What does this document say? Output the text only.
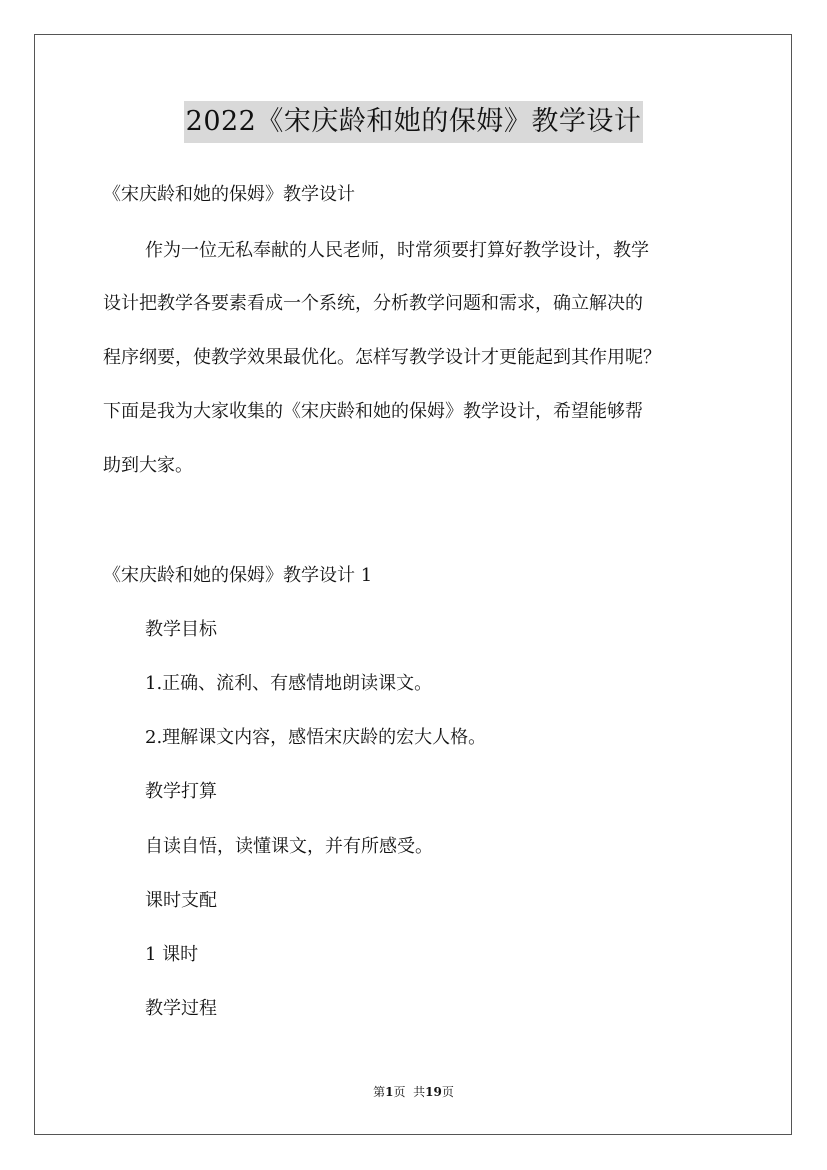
2022《宋庆龄和她的保姆》教学设计
《宋庆龄和她的保姆》教学设计
作为一位无私奉献的人民老师，时常须要打算好教学设计，教学
设计把教学各要素看成一个系统，分析教学问题和需求，确立解决的
程序纲要，使教学效果最优化。怎样写教学设计才更能起到其作用呢？
下面是我为大家收集的《宋庆龄和她的保姆》教学设计，希望能够帮
助到大家。
《宋庆龄和她的保姆》教学设计 1
教学目标
1.正确、流利、有感情地朗读课文。
2.理解课文内容，感悟宋庆龄的宏大人格。
教学打算
自读自悟，读懂课文，并有所感受。
课时支配
1 课时
教学过程
第1页  共19页
